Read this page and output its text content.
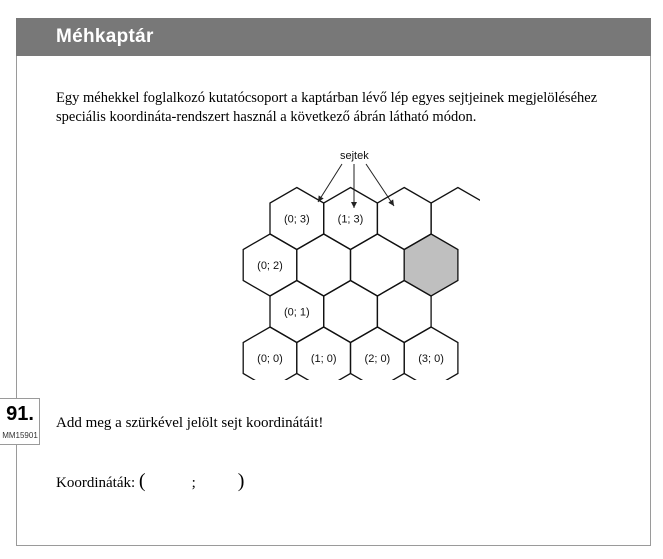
Méhkaptár
Egy méhekkel foglalkozó kutatócsoport a kaptárban lévő lép egyes sejtjeinek megjelöléséhez speciális koordináta-rendszert használ a következő ábrán látható módon.
(0; 3)	(1; 3)
(0; 2)
(0; 1)
(0; 0)	(1; 0)	(2; 0)	(3; 0)
sejtek
91.
MM15901
Add meg a szürkével jelölt sejt koordinátáit!
Koordináták: (	; )
